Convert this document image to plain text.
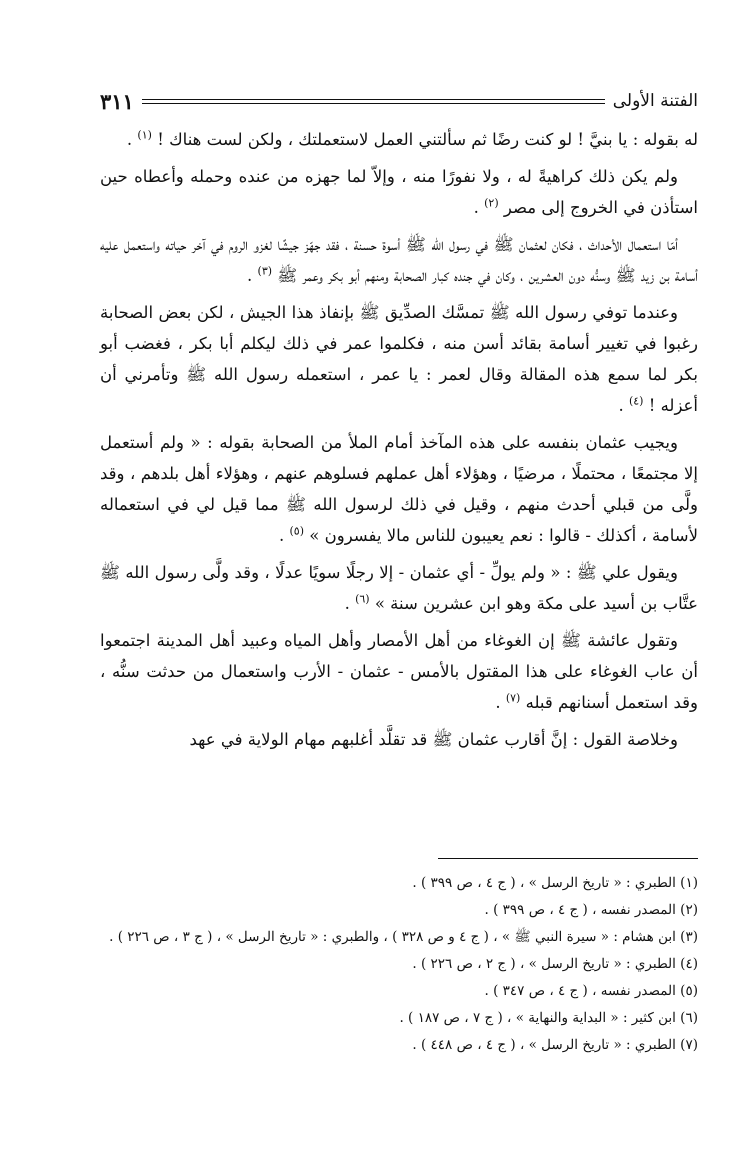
الفتنة الأولى
٣١١

له بقوله : يا بنيَّ ! لو كنت رضًا ثم سألتني العمل لاستعملتك ، ولكن لست هناك ! $^{(١)}$ .

ولم يكن ذلك كراهيةً له ، ولا نفورًا منه ، وإلاّ لما جهزه من عنده وحمله وأعطاه حين استأذن في الخروج إلى مصر $^{(٢)}$ .

أمّا استعمال الأحداث ، فكان لعثمان ﷺ في رسول الله ﷺ أسوة حسنة ، فقد جهّز جيشًا لغزو الروم في آخر حياته واستعمل عليه أسامة بن زيد ﷺ وسنُّه دون العشرين ، وكان في جنده كبار الصحابة ومنهم أبو بكر وعمر ﷺ $^{(٣)}$ .

وعندما توفي رسول الله ﷺ تمسَّك الصدِّيق ﷺ بإنفاذ هذا الجيش ، لكن بعض الصحابة رغبوا في تغيير أسامة بقائد أسن منه ، فكلموا عمر في ذلك ليكلم أبا بكر ، فغضب أبو بكر لما سمع هذه المقالة وقال لعمر : يا عمر ، استعمله رسول الله ﷺ وتأمرني أن أعزله ! $^{(٤)}$ .

ويجيب عثمان بنفسه على هذه المآخذ أمام الملأ من الصحابة بقوله : « ولم أستعمل إلا مجتمعًا ، محتملًا ، مرضيًا ، وهؤلاء أهل عملهم فسلوهم عنهم ، وهؤلاء أهل بلدهم ، وقد ولَّى من قبلي أحدث منهم ، وقيل في ذلك لرسول الله ﷺ مما قيل لي في استعماله لأسامة ، أكذلك - قالوا : نعم يعيبون للناس مالا يفسرون » $^{(٥)}$ .

ويقول علي ﷺ : « ولم يولِّ - أي عثمان - إلا رجلًا سويًا عدلًا ، وقد ولَّى رسول الله ﷺ عتَّاب بن أسيد على مكة وهو ابن عشرين سنة » $^{(٦)}$ .

وتقول عائشة ﷺ إن الغوغاء من أهل الأمصار وأهل المياه وعبيد أهل المدينة اجتمعوا أن عاب الغوغاء على هذا المقتول بالأمس - عثمان - الأرب واستعمال من حدثت سنُّه ، وقد استعمل أسنانهم قبله $^{(٧)}$ .

وخلاصة القول : إنَّ أقارب عثمان ﷺ قد تقلَّد أغلبهم مهام الولاية في عهد

(١) الطبري : « تاريخ الرسل » ، ( ج ٤ ، ص ٣٩٩ ) .
(٢) المصدر نفسه ، ( ج ٤ ، ص ٣٩٩ ) .
(٣) ابن هشام : « سيرة النبي ﷺ » ، ( ج ٤ و ص ٣٢٨ ) ، والطبري : « تاريخ الرسل » ، ( ج ٣ ، ص ٢٢٦ ) .
(٤) الطبري : « تاريخ الرسل » ، ( ج ٢ ، ص ٢٢٦ ) .
(٥) المصدر نفسه ، ( ج ٤ ، ص ٣٤٧ ) .
(٦) ابن كثير : « البداية والنهاية » ، ( ج ٧ ، ص ١٨٧ ) .
(٧) الطبري : « تاريخ الرسل » ، ( ج ٤ ، ص ٤٤٨ ) .
